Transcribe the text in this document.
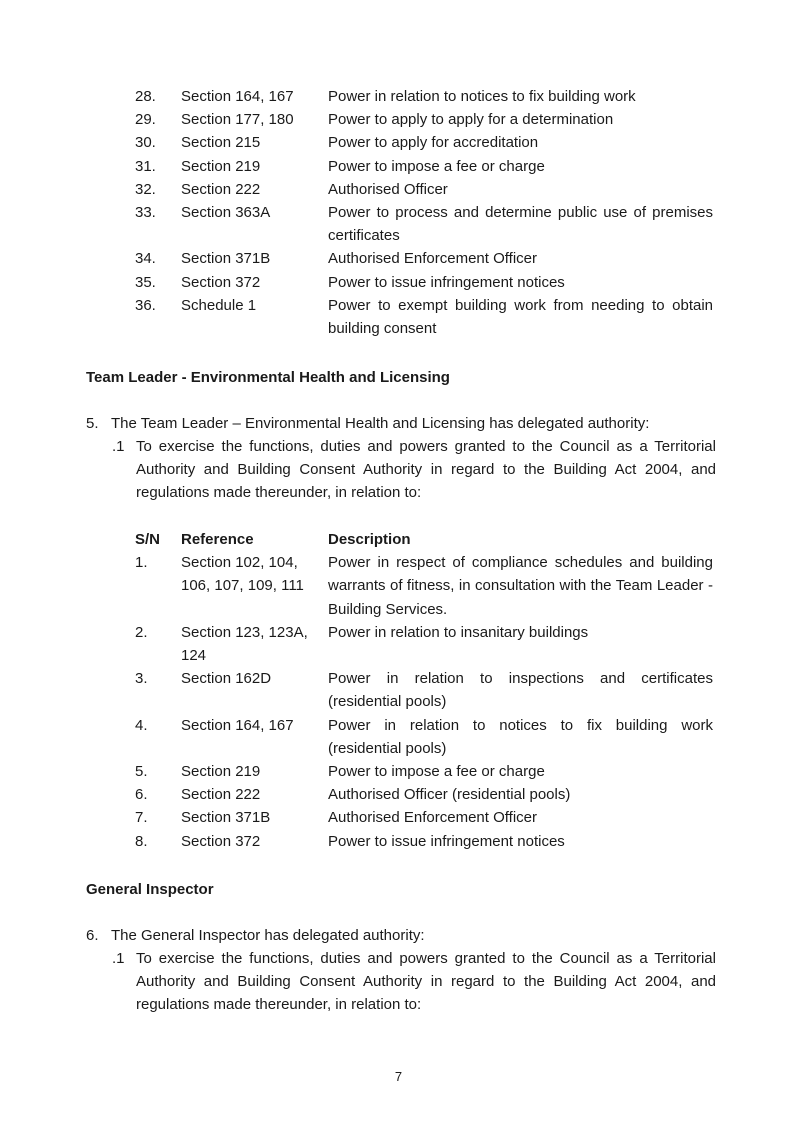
28.	Section 164, 167	Power in relation to notices to fix building work
29.	Section 177, 180	Power to apply to apply for a determination
30.	Section 215	Power to apply for accreditation
31.	Section 219	Power to impose a fee or charge
32.	Section 222	Authorised Officer
33.	Section 363A	Power to process and determine public use of premises certificates
34.	Section 371B	Authorised Enforcement Officer
35.	Section 372	Power to issue infringement notices
36.	Schedule 1	Power to exempt building work from needing to obtain building consent
Team Leader - Environmental Health and Licensing
5. The Team Leader – Environmental Health and Licensing has delegated authority:
.1 To exercise the functions, duties and powers granted to the Council as a Territorial Authority and Building Consent Authority in regard to the Building Act 2004, and regulations made thereunder, in relation to:
S/N	Reference	Description
1.	Section 102, 104, 106, 107, 109, 111	Power in respect of compliance schedules and building warrants of fitness, in consultation with the Team Leader - Building Services.
2.	Section 123, 123A, 124	Power in relation to insanitary buildings
3.	Section 162D	Power in relation to inspections and certificates (residential pools)
4.	Section 164, 167	Power in relation to notices to fix building work (residential pools)
5.	Section 219	Power to impose a fee or charge
6.	Section 222	Authorised Officer (residential pools)
7.	Section 371B	Authorised Enforcement Officer
8.	Section 372	Power to issue infringement notices
General Inspector
6. The General Inspector has delegated authority:
.1 To exercise the functions, duties and powers granted to the Council as a Territorial Authority and Building Consent Authority in regard to the Building Act 2004, and regulations made thereunder, in relation to:
7
